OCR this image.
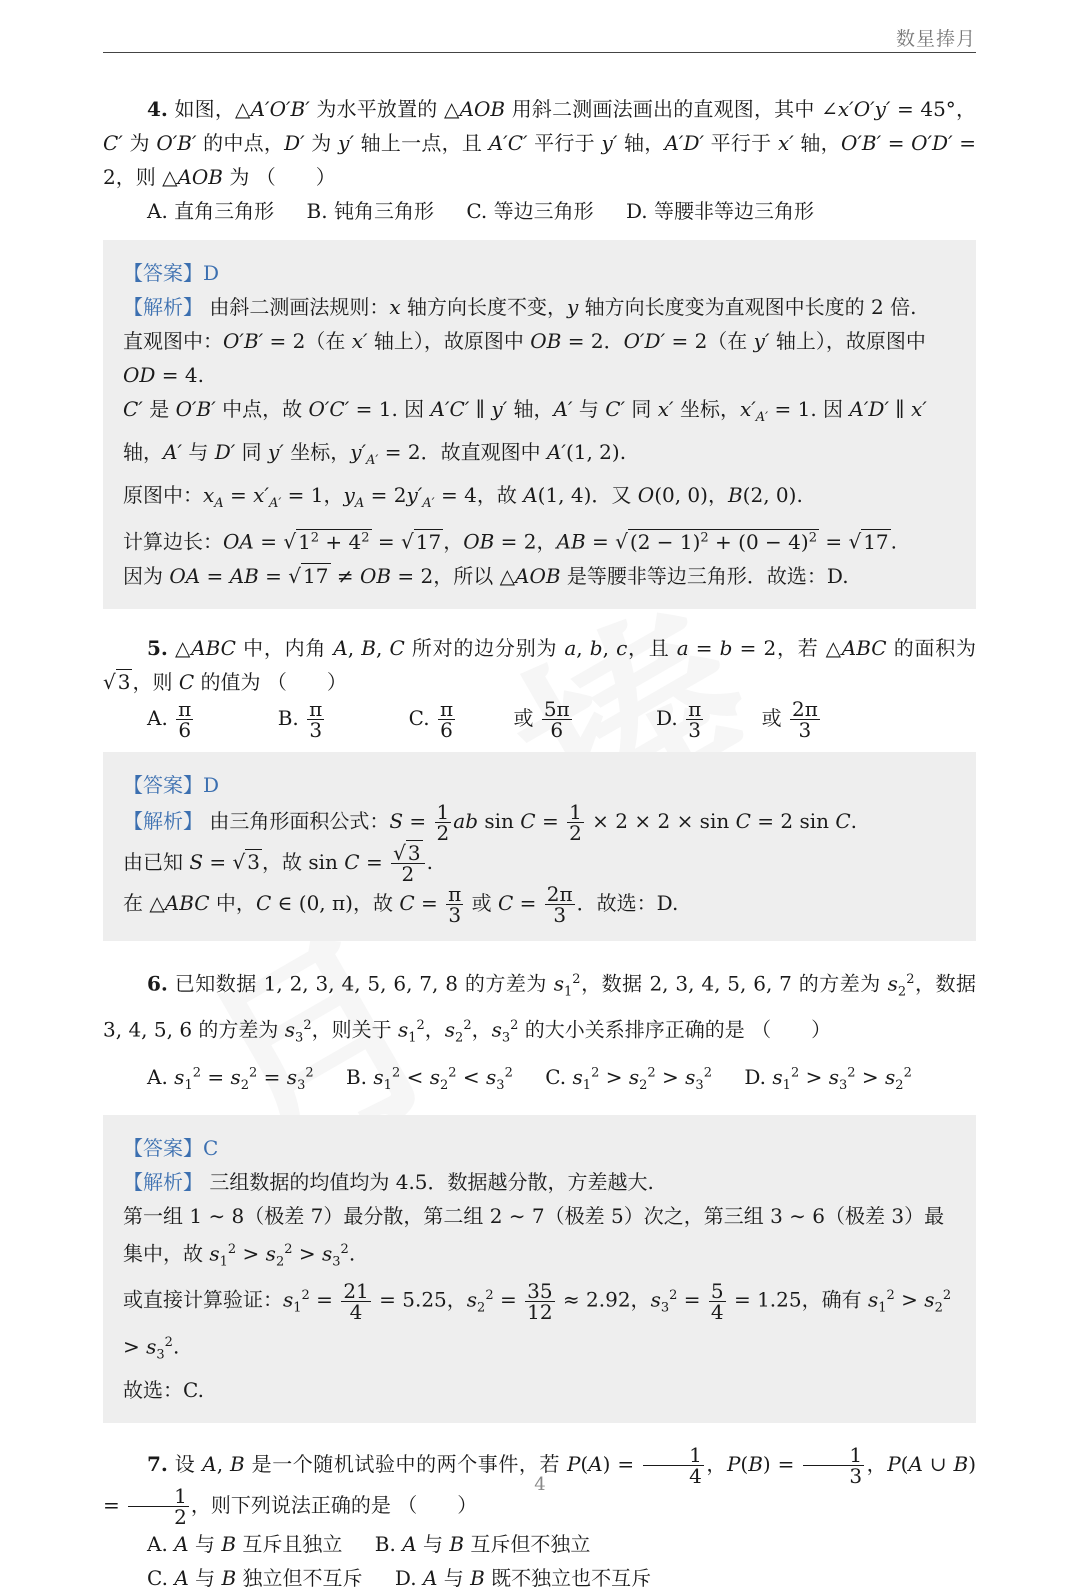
数星捧月

4. 如图，△A′O′B′ 为水平放置的 △AOB 用斜二测画法画出的直观图，其中 ∠x′O′y′ = 45°，C′ 为 O′B′ 的中点，D′ 为 y′ 轴上一点，且 A′C′ 平行于 y′ 轴，A′D′ 平行于 x′ 轴，O′B′ = O′D′ = 2，则 △AOB 为 （　　）

A. 直角三角形 B. 钝角三角形 C. 等边三角形 D. 等腰非等边三角形

【答案】D

【解析】 由斜二测画法规则：x 轴方向长度不变，y 轴方向长度变为直观图中长度的 2 倍.

直观图中：O′B′ = 2（在 x′ 轴上），故原图中 OB = 2．O′D′ = 2（在 y′ 轴上），故原图中 OD = 4.

C′ 是 O′B′ 中点，故 O′C′ = 1. 因 A′C′ ∥ y′ 轴，A′ 与 C′ 同 x′ 坐标，$x'_{A'} = 1$. 因 A′D′ ∥ x′ 轴，A′ 与 D′ 同 y′ 坐标，$y'_{A'} = 2$．故直观图中 A′(1, 2).

原图中：$x_A = x'_{A'} = 1$，$y_A = 2y'_{A'} = 4$，故 A(1, 4)．又 O(0, 0)，B(2, 0).

计算边长：OA = √ $1^2 + 4^2$ = √ 17 ，OB = 2，AB = √ $(2 - 1)^2 + (0 - 4)^2$ = √ 17 .

因为 OA = AB = √ 17 ≠ OB = 2，所以 △AOB 是等腰非等边三角形．故选：D.

5. △ABC 中，内角 A, B, C 所对的边分别为 a, b, c，且 a = b = 2，若 △ABC 的面积为 √ 3 ，则 C 的值为 （　　）

A. $\frac{\pi}{6}$	B. $\frac{\pi}{3}$	C. $\frac{\pi}{6}$ 或 $\frac{5\pi}{6}$	D. $\frac{\pi}{3}$ 或 $\frac{2\pi}{3}$

【答案】D

【解析】 由三角形面积公式：$S = \frac{1}{2}$ ab $\sin C = \frac{1}{2} \times 2 \times 2 \times \sin C = 2$ sin C.

由已知 S = √ 3 ，故 $\sin C = \frac{√ 3}{2}$ .

在 △ABC 中，C ∈ (0, π)，故 $C = \frac{\pi}{3}$ 或 $C = \frac{2\pi}{3}$ ．故选：D.

6. 已知数据 1, 2, 3, 4, 5, 6, 7, 8 的方差为 $s_1^2$，数据 2, 3, 4, 5, 6, 7 的方差为 $s_2^2$，数据 3, 4, 5, 6 的方差为 $s_3^2$，则关于 $s_1^2$，$s_2^2$，$s_3^2$ 的大小关系排序正确的是 （　　）

A. $s_1^2 = s_2^2 = s_3^2$ B. $s_1^2 < s_2^2 < s_3^2$ C. $s_1^2 > s_2^2 > s_3^2$ D. $s_1^2 > s_3^2 > s_2^2$

【答案】C

【解析】 三组数据的均值均为 4.5．数据越分散，方差越大.

第一组 1 ∼ 8（极差 7）最分散，第二组 2 ∼ 7（极差 5）次之，第三组 3 ∼ 6（极差 3）最集中，故 $s_1^2 > s_2^2 > s_3^2$.

或直接计算验证：$s_1^2 = \frac{21}{4} = 5.25$，$s_2^2 = \frac{35}{12} \approx 2.92$，$s_3^2 = \frac{5}{4} = 1.25$，确有 $s_1^2 > s_2^2 > s_3^2$.

故选：C.

7. 设 A, B 是一个随机试验中的两个事件，若 $P(A) = \frac{1}{4}$ ，$P(B) = \frac{1}{3}$ ，P(A ∪ $B) = \frac{1}{2}$ ，则下列说法正确的是 （　　）

A. A 与 B 互斥且独立 B. A 与 B 互斥但不独立

C. A 与 B 独立但不互斥 D. A 与 B 既不独立也不互斥

4
